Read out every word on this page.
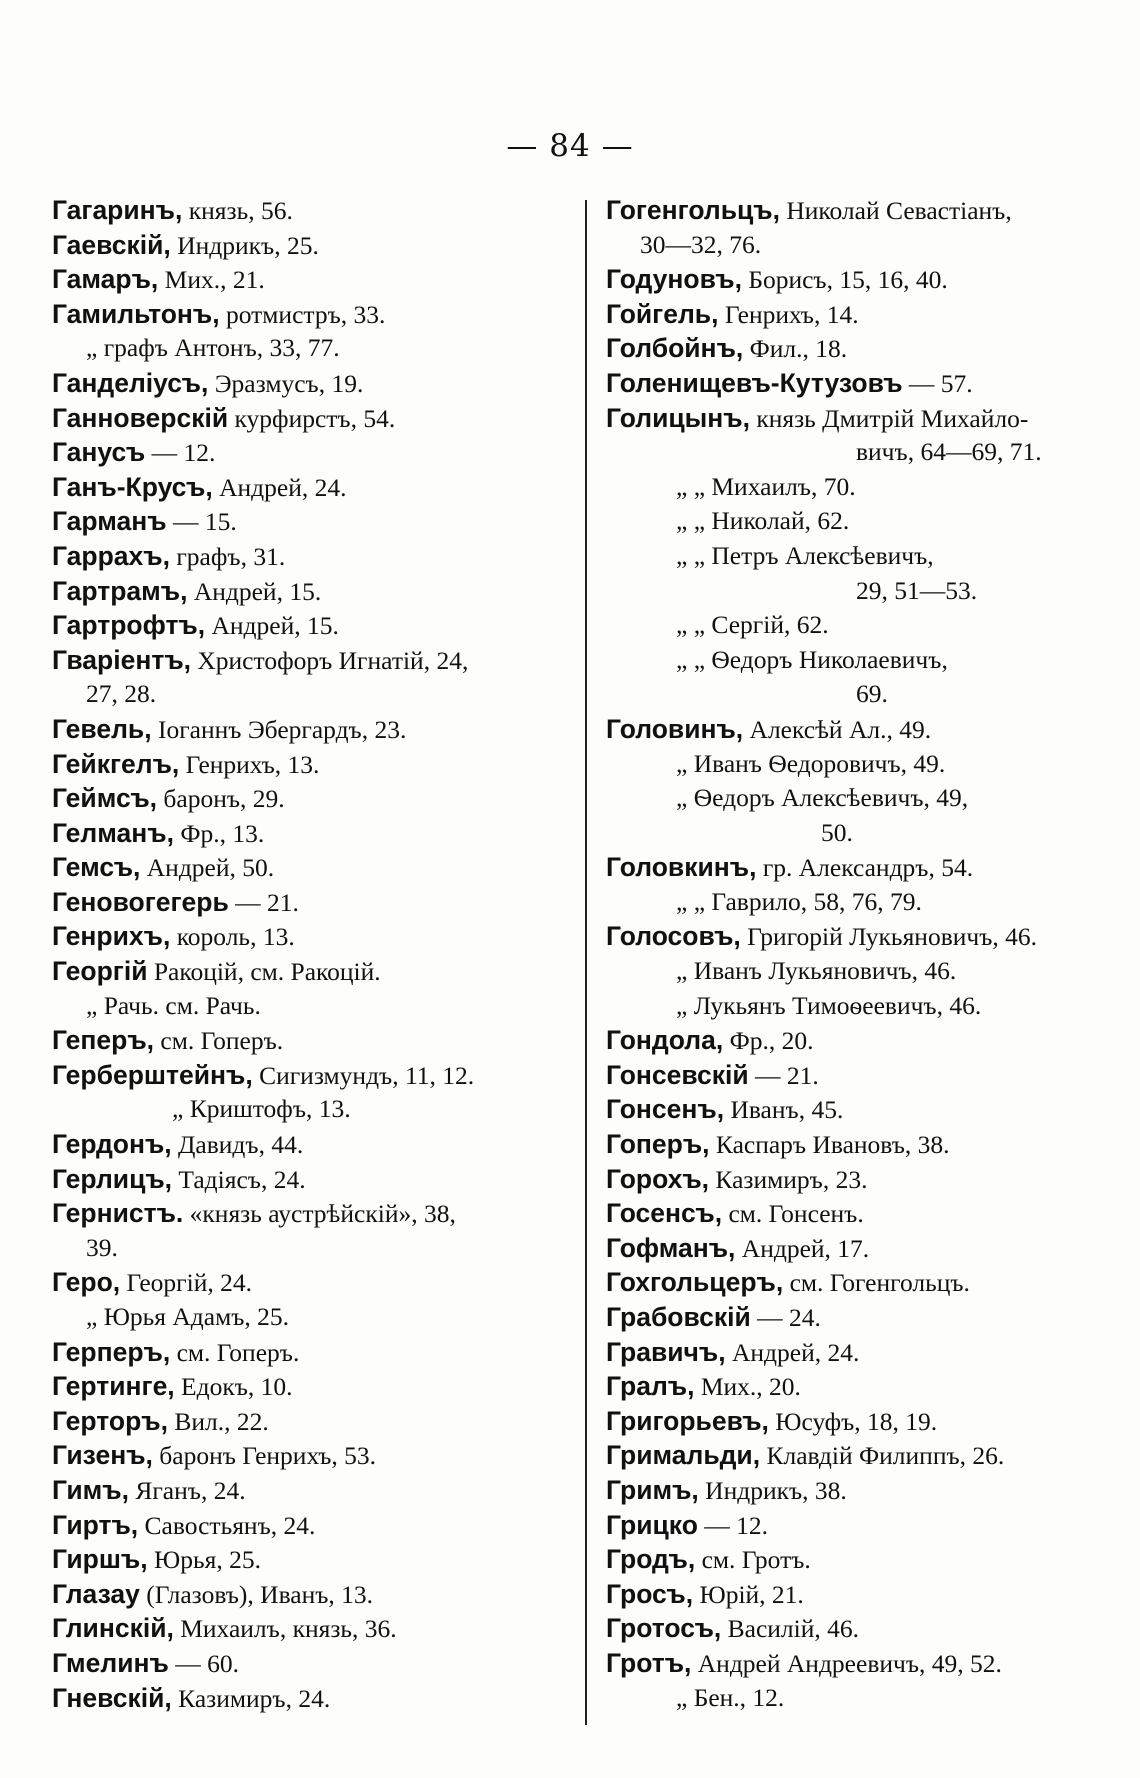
— 84 —
Гагаринъ, князь, 56.
Гаевскій, Индрикъ, 25.
Гамаръ, Мих., 21.
Гамильтонъ, ротмистръ, 33.
„ графъ Антонъ, 33, 77.
Ганделіусъ, Эразмусъ, 19.
Ганноверскій курфирстъ, 54.
Ганусъ — 12.
Ганъ-Крусъ, Андрей, 24.
Гарманъ — 15.
Гаррахъ, графъ, 31.
Гартрамъ, Андрей, 15.
Гартрофтъ, Андрей, 15.
Гваріентъ, Христофоръ Игнатій, 24,
27, 28.
Гевель, Іоганнъ Эбергардъ, 23.
Гейкгелъ, Генрихъ, 13.
Геймсъ, баронъ, 29.
Гелманъ, Фр., 13.
Гемсъ, Андрей, 50.
Геновогегерь — 21.
Генрихъ, король, 13.
Георгій Ракоцій, см. Ракоцій.
„ Рачь. см. Рачь.
Геперъ, см. Гоперъ.
Герберштейнъ, Сигизмундъ, 11, 12.
„ Криштофъ, 13.
Гердонъ, Давидъ, 44.
Герлицъ, Тадіясъ, 24.
Гернистъ. «князь аустрѣйскій», 38,
39.
Геро, Георгій, 24.
„ Юрья Адамъ, 25.
Герперъ, см. Гоперъ.
Гертинге, Едокъ, 10.
Герторъ, Вил., 22.
Гизенъ, баронъ Генрихъ, 53.
Гимъ, Яганъ, 24.
Гиртъ, Савостьянъ, 24.
Гиршъ, Юрья, 25.
Глазау (Глазовъ), Иванъ, 13.
Глинскій, Михаилъ, князь, 36.
Гмелинъ — 60.
Гневскій, Казимиръ, 24.
Гогенгольцъ, Николай Севастіанъ,
30—32, 76.
Годуновъ, Борисъ, 15, 16, 40.
Гойгель, Генрихъ, 14.
Голбойнъ, Фил., 18.
Голенищевъ-Кутузовъ — 57.
Голицынъ, князь Дмитрій Михайло-
вичъ, 64—69, 71.
„ „ Михаилъ, 70.
„ „ Николай, 62.
„ „ Петръ Алексѣевичъ,
29, 51—53.
„ „ Сергій, 62.
„ „ Ѳедоръ Николаевичъ,
69.
Головинъ, Алексѣй Ал., 49.
„ Иванъ Ѳедоровичъ, 49.
„ Ѳедоръ Алексѣевичъ, 49,
50.
Головкинъ, гр. Александръ, 54.
„ „ Гаврило, 58, 76, 79.
Голосовъ, Григорій Лукьяновичъ, 46.
„ Иванъ Лукьяновичъ, 46.
„ Лукьянъ Тимоѳеевичъ, 46.
Гондола, Фр., 20.
Гонсевскій — 21.
Гонсенъ, Иванъ, 45.
Гоперъ, Каспаръ Ивановъ, 38.
Горохъ, Казимиръ, 23.
Госенсъ, см. Гонсенъ.
Гофманъ, Андрей, 17.
Гохгольцеръ, см. Гогенгольцъ.
Грабовскій — 24.
Гравичъ, Андрей, 24.
Гралъ, Мих., 20.
Григорьевъ, Юсуфъ, 18, 19.
Гримальди, Клавдій Филиппъ, 26.
Гримъ, Индрикъ, 38.
Грицко — 12.
Гродъ, см. Гротъ.
Гросъ, Юрій, 21.
Гротосъ, Василій, 46.
Гротъ, Андрей Андреевичъ, 49, 52.
„ Бен., 12.
